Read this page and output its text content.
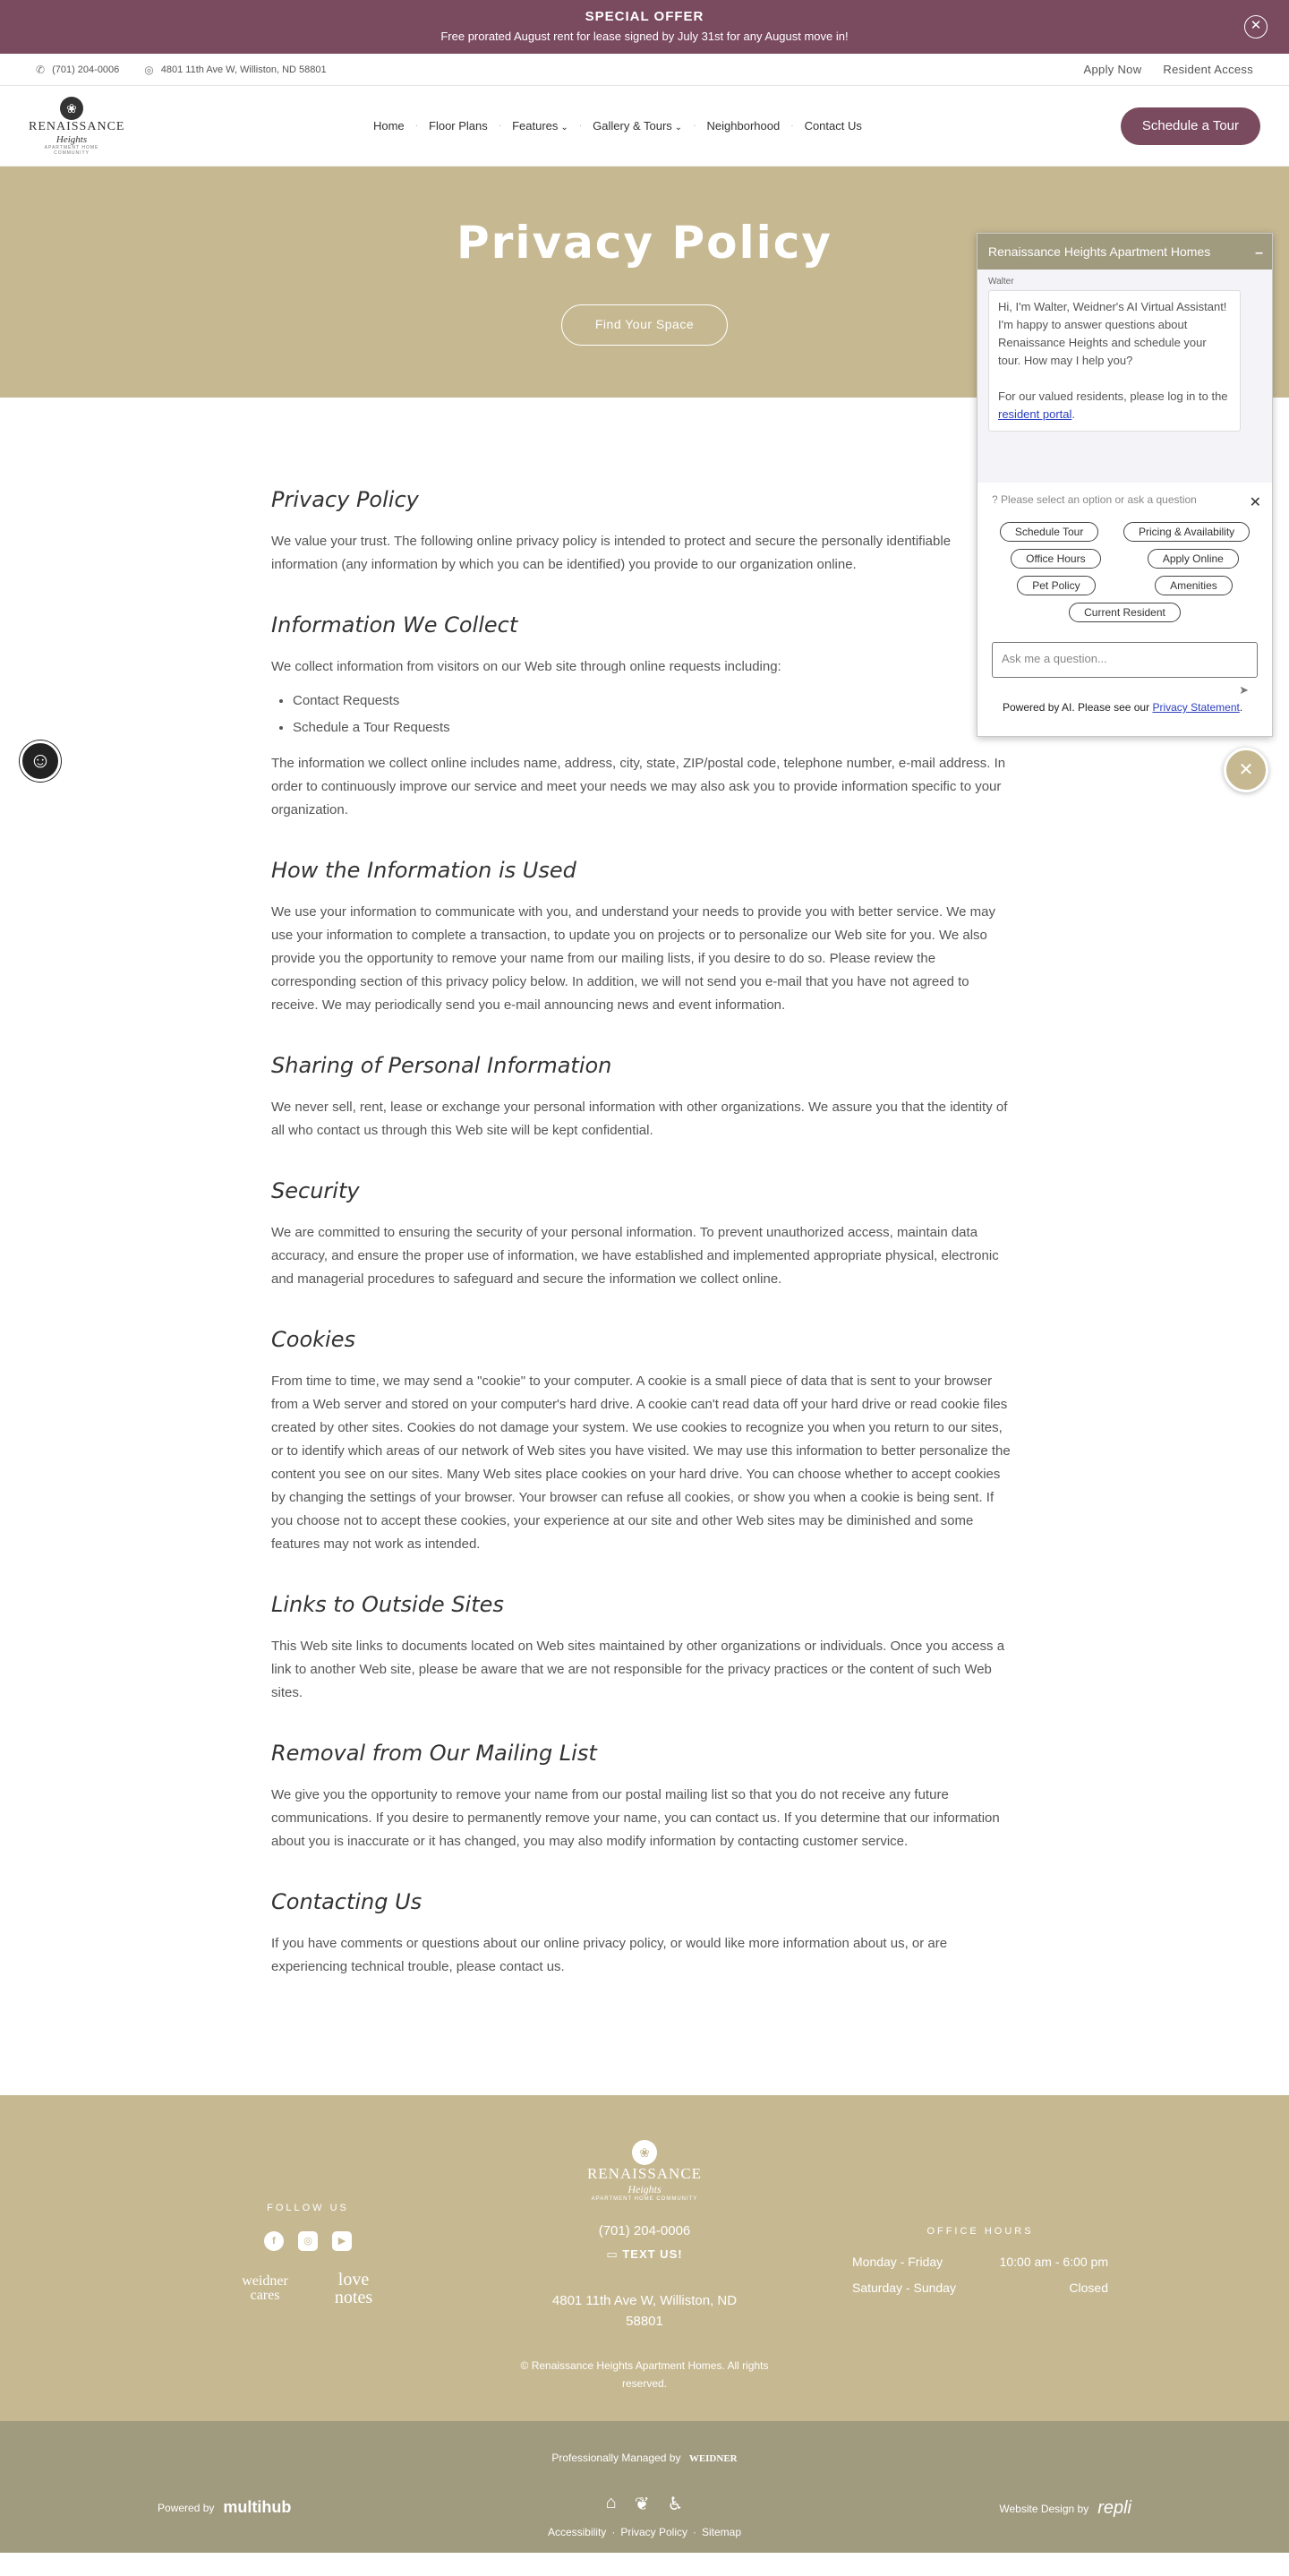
SPECIAL OFFER
Free prorated August rent for lease signed by July 31st for any August move in!
✕
✆ (701) 204-0006 ◎ 4801 11th Ave W, Williston, ND 58801	Apply Now Resident Access
❀
RENAISSANCE
Heights
APARTMENT HOME COMMUNITY
Home · Floor Plans · Features ⌄ · Gallery & Tours ⌄ · Neighborhood · Contact Us	Schedule a Tour
Privacy Policy
Find Your Space
Privacy Policy

We value your trust. The following online privacy policy is intended to protect and secure the personally identifiable information (any information by which you can be identified) you provide to our organization online.

Information We Collect

We collect information from visitors on our Web site through online requests including:

• Contact Requests
• Schedule a Tour Requests

The information we collect online includes name, address, city, state, ZIP/postal code, telephone number, e-mail address. In order to continuously improve our service and meet your needs we may also ask you to provide information specific to your organization.

How the Information is Used

We use your information to communicate with you, and understand your needs to provide you with better service. We may use your information to complete a transaction, to update you on projects or to personalize our Web site for you. We also provide you the opportunity to remove your name from our mailing lists, if you desire to do so. Please review the corresponding section of this privacy policy below. In addition, we will not send you e-mail that you have not agreed to receive. We may periodically send you e-mail announcing news and event information.

Sharing of Personal Information

We never sell, rent, lease or exchange your personal information with other organizations. We assure you that the identity of all who contact us through this Web site will be kept confidential.

Security

We are committed to ensuring the security of your personal information. To prevent unauthorized access, maintain data accuracy, and ensure the proper use of information, we have established and implemented appropriate physical, electronic and managerial procedures to safeguard and secure the information we collect online.

Cookies

From time to time, we may send a "cookie" to your computer. A cookie is a small piece of data that is sent to your browser from a Web server and stored on your computer's hard drive. A cookie can't read data off your hard drive or read cookie files created by other sites. Cookies do not damage your system. We use cookies to recognize you when you return to our sites, or to identify which areas of our network of Web sites you have visited. We may use this information to better personalize the content you see on our sites. Many Web sites place cookies on your hard drive. You can choose whether to accept cookies by changing the settings of your browser. Your browser can refuse all cookies, or show you when a cookie is being sent. If you choose not to accept these cookies, your experience at our site and other Web sites may be diminished and some features may not work as intended.

Links to Outside Sites

This Web site links to documents located on Web sites maintained by other organizations or individuals. Once you access a link to another Web site, please be aware that we are not responsible for the privacy practices or the content of such Web sites.

Removal from Our Mailing List

We give you the opportunity to remove your name from our postal mailing list so that you do not receive any future communications. If you desire to permanently remove your name, you can contact us. If you determine that our information about you is inaccurate or it has changed, you may also modify information by contacting customer service.

Contacting Us

If you have comments or questions about our online privacy policy, or would like more information about us, or are experiencing technical trouble, please contact us.

FOLLOW US
f	◎	▶
weidner cares
love notes
❀
RENAISSANCE
Heights
APARTMENT HOME COMMUNITY
(701) 204-0006
▭ TEXT US!
4801 11th Ave W, Williston, ND 58801
© Renaissance Heights Apartment Homes. All rights reserved.
OFFICE HOURS
Monday - Friday	10:00 am - 6:00 pm
Saturday - Sunday	Closed
Professionally Managed by WEIDNER
Powered by multihub	⌂ ❦ ♿
Accessibility · Privacy Policy · Sitemap
Website Design by repli
☺
Renaissance Heights Apartment Homes	–
Walter
Hi, I'm Walter, Weidner's AI Virtual Assistant! I'm happy to answer questions about Renaissance Heights and schedule your tour. How may I help you?
For our valued residents, please log in to the resident portal.
? Please select an option or ask a question	✕
Schedule Tour	Pricing & Availability
Office Hours	Apply Online
Pet Policy	Amenities
Current Resident
Ask me a question...
➤
Powered by AI. Please see our Privacy Statement.
✕
